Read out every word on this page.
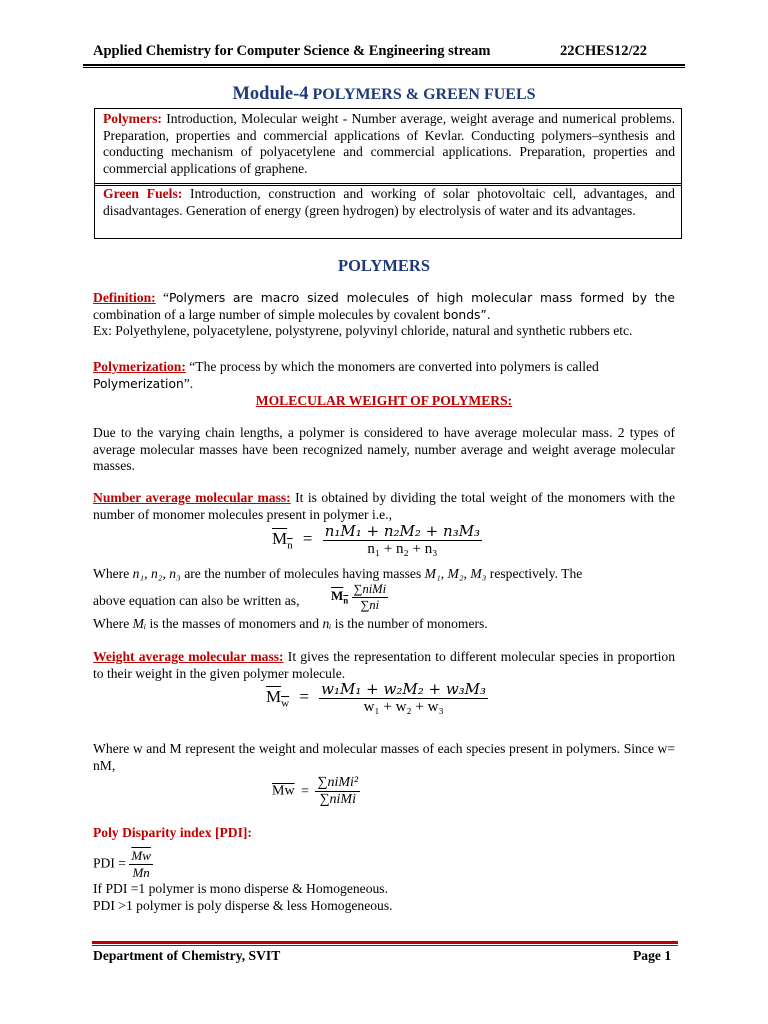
Applied Chemistry for Computer Science & Engineering stream	22CHES12/22
Module-4 POLYMERS & GREEN FUELS
Polymers: Introduction, Molecular weight - Number average, weight average and numerical problems. Preparation, properties and commercial applications of Kevlar. Conducting polymers–synthesis and conducting mechanism of polyacetylene and commercial applications. Preparation, properties and commercial applications of graphene.
Green Fuels: Introduction, construction and working of solar photovoltaic cell, advantages, and disadvantages. Generation of energy (green hydrogen) by electrolysis of water and its advantages.
POLYMERS
Definition: “Polymers are macro sized molecules of high molecular mass formed by the combination of a large number of simple molecules by covalent bonds”.
Ex: Polyethylene, polyacetylene, polystyrene, polyvinyl chloride, natural and synthetic rubbers etc.
Polymerization: “The process by which the monomers are converted into polymers is called
Polymerization”.
MOLECULAR WEIGHT OF POLYMERS:
Due to the varying chain lengths, a polymer is considered to have average molecular mass. 2 types of average molecular masses have been recognized namely, number average and weight average molecular masses.
Number average molecular mass: It is obtained by dividing the total weight of the monomers with the number of monomer molecules present in polymer i.e.,
$M_n = \frac{\text{n₁M₁ + n₂M₂ + n₃M₃}}{\text{n₁ + n₂ + n₃}}$
Where n₁, n₂, n₃ are the number of molecules having masses M₁, M₂, M₃ respectively. The
above equation can also be written as,	$M_n \frac{\text{∑niMi}}{\sum ni}$
Where Mᵢ is the masses of monomers and nᵢ is the number of monomers.
Weight average molecular mass: It gives the representation to different molecular species in proportion to their weight in the given polymer molecule.
$M_w = \frac{\text{w₁M₁ + w₂M₂ + w₃M₃}}{\text{w₁ + w₂ + w₃}}$
Where w and M represent the weight and molecular masses of each species present in polymers. Since w= nM,
$\overline{Mw} = \frac{\text{∑niMi²}}{\text{∑niMi}}$
Poly Disparity index [PDI]:
PDI = $\frac{\overline{Mw}}{Mn}$
If PDI =1 polymer is mono disperse & Homogeneous.
PDI >1 polymer is poly disperse & less Homogeneous.
Department of Chemistry, SVIT	Page 1
